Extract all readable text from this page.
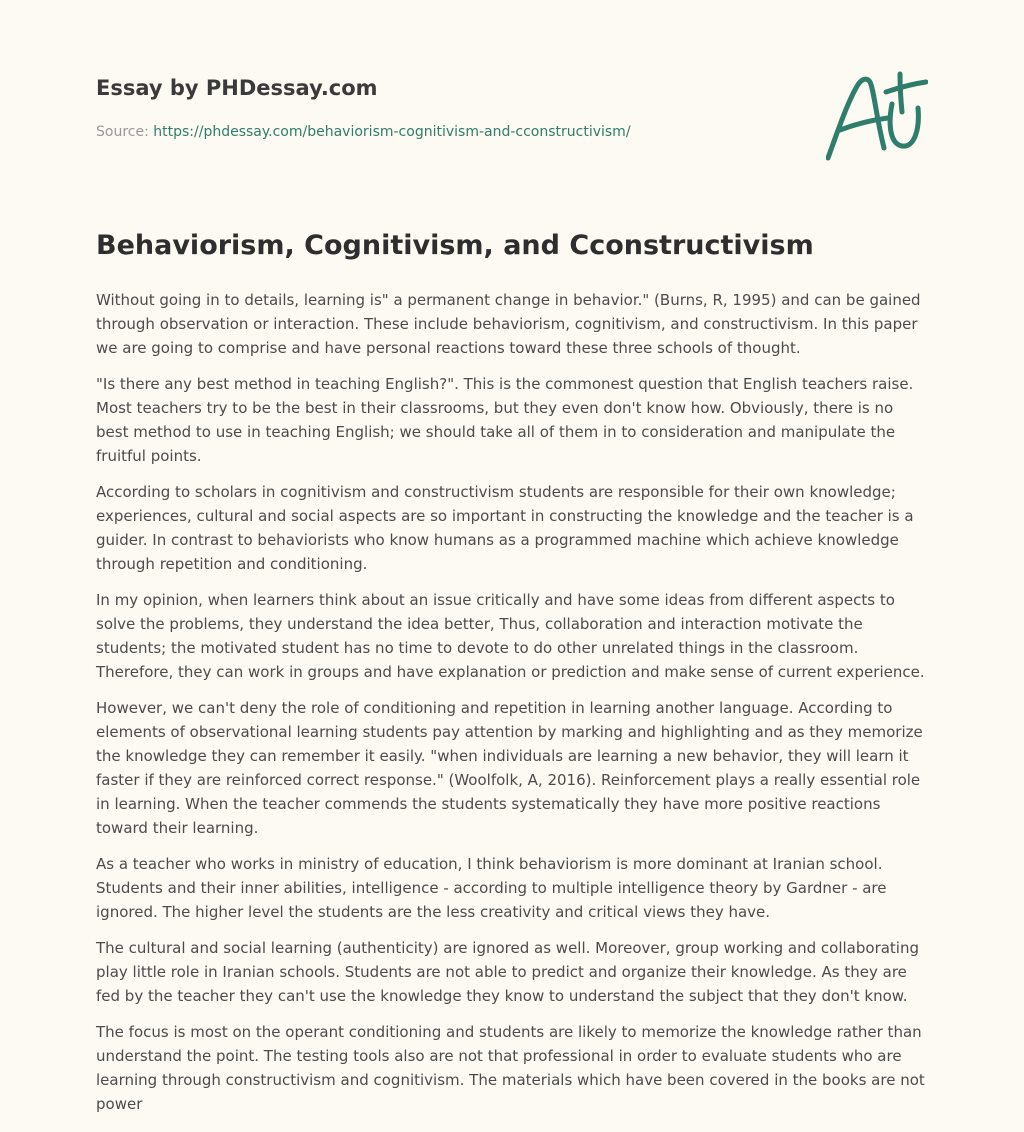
Essay by PHDessay.com
Source: https://phdessay.com/behaviorism-cognitivism-and-cconstructivism/
Behaviorism, Cognitivism, and Cconstructivism

Without going in to details, learning is" a permanent change in behavior." (Burns, R, 1995) and can be gained through observation or interaction. These include behaviorism, cognitivism, and constructivism. In this paper we are going to comprise and have personal reactions toward these three schools of thought.

"Is there any best method in teaching English?". This is the commonest question that English teachers raise. Most teachers try to be the best in their classrooms, but they even don't know how. Obviously, there is no best method to use in teaching English; we should take all of them in to consideration and manipulate the fruitful points.

According to scholars in cognitivism and constructivism students are responsible for their own knowledge; experiences, cultural and social aspects are so important in constructing the knowledge and the teacher is a guider. In contrast to behaviorists who know humans as a programmed machine which achieve knowledge through repetition and conditioning.

In my opinion, when learners think about an issue critically and have some ideas from different aspects to solve the problems, they understand the idea better, Thus, collaboration and interaction motivate the students; the motivated student has no time to devote to do other unrelated things in the classroom. Therefore, they can work in groups and have explanation or prediction and make sense of current experience.

However, we can't deny the role of conditioning and repetition in learning another language. According to elements of observational learning students pay attention by marking and highlighting and as they memorize the knowledge they can remember it easily. "when individuals are learning a new behavior, they will learn it faster if they are reinforced correct response." (Woolfolk, A, 2016). Reinforcement plays a really essential role in learning. When the teacher commends the students systematically they have more positive reactions toward their learning.

As a teacher who works in ministry of education, I think behaviorism is more dominant at Iranian school. Students and their inner abilities, intelligence - according to multiple intelligence theory by Gardner - are ignored. The higher level the students are the less creativity and critical views they have.

The cultural and social learning (authenticity) are ignored as well. Moreover, group working and collaborating play little role in Iranian schools. Students are not able to predict and organize their knowledge. As they are fed by the teacher they can't use the knowledge they know to understand the subject that they don't know.

The focus is most on the operant conditioning and students are likely to memorize the knowledge rather than understand the point. The testing tools also are not that professional in order to evaluate students who are learning through constructivism and cognitivism. The materials which have been covered in the books are not power
